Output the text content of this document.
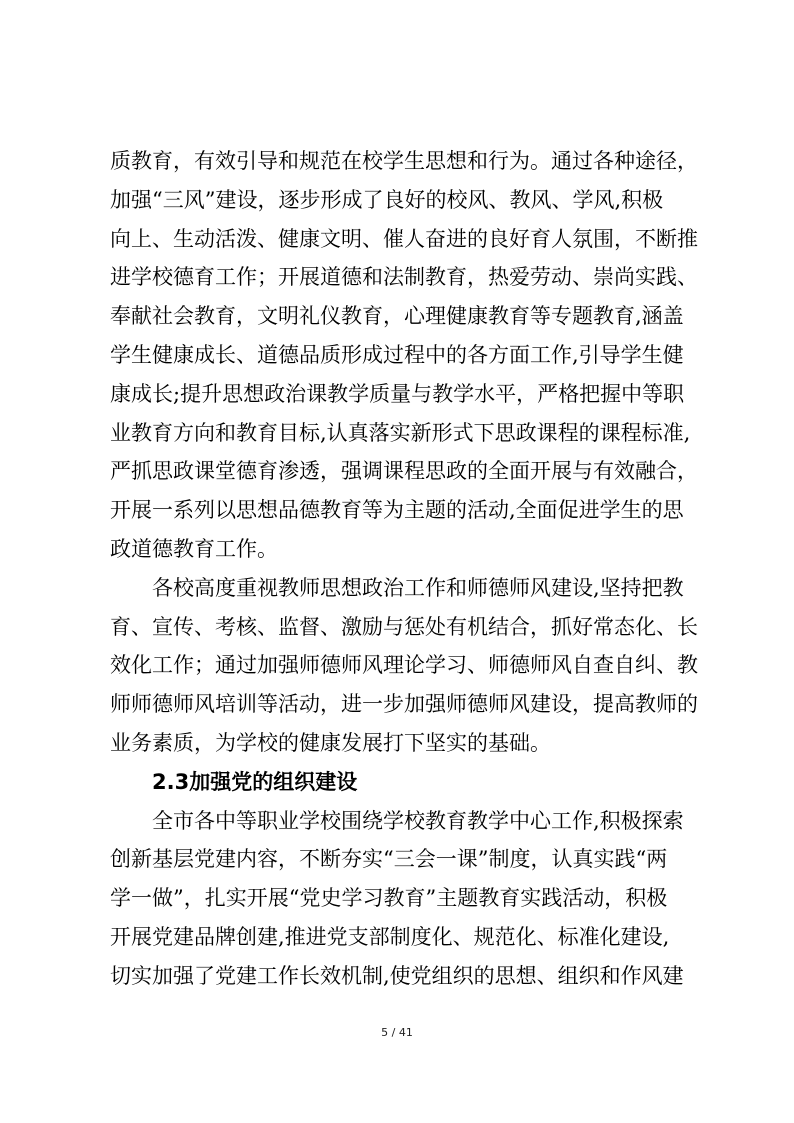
质教育，有效引导和规范在校学生思想和行为。通过各种途径，
加强“三风”建设，逐步形成了良好的校风、教风、学风,积极
向上、生动活泼、健康文明、催人奋进的良好育人氛围，不断推
进学校德育工作；开展道德和法制教育，热爱劳动、崇尚实践、
奉献社会教育，文明礼仪教育，心理健康教育等专题教育,涵盖
学生健康成长、道德品质形成过程中的各方面工作,引导学生健
康成长;提升思想政治课教学质量与教学水平，严格把握中等职
业教育方向和教育目标,认真落实新形式下思政课程的课程标准,
严抓思政课堂德育渗透，强调课程思政的全面开展与有效融合，
开展一系列以思想品德教育等为主题的活动,全面促进学生的思
政道德教育工作。
各校高度重视教师思想政治工作和师德师风建设,坚持把教
育、宣传、考核、监督、激励与惩处有机结合，抓好常态化、长
效化工作；通过加强师德师风理论学习、师德师风自查自纠、教
师师德师风培训等活动，进一步加强师德师风建设，提高教师的
业务素质，为学校的健康发展打下坚实的基础。
2.3加强党的组织建设
全市各中等职业学校围绕学校教育教学中心工作,积极探索
创新基层党建内容，不断夯实“三会一课”制度，认真实践“两
学一做”，扎实开展“党史学习教育”主题教育实践活动，积极
开展党建品牌创建,推进党支部制度化、规范化、标准化建设,
切实加强了党建工作长效机制,使党组织的思想、组织和作风建
5 / 41
